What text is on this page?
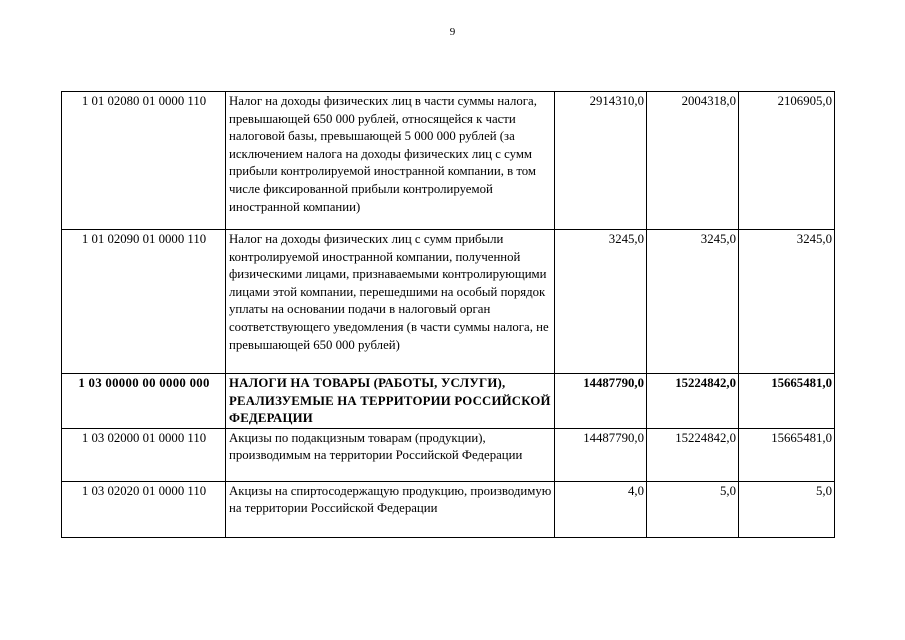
9
1 01 02080 01 0000 110	Налог на доходы физических лиц в части суммы налога, превышающей 650 000 рублей, относящейся к части налоговой базы, превышающей 5 000 000 рублей (за исключением налога на доходы физических лиц с сумм прибыли контролируемой иностранной компании, в том числе фиксированной прибыли контролируемой иностранной компании)	2914310,0	2004318,0	2106905,0
1 01 02090 01 0000 110	Налог на доходы физических лиц с сумм прибыли контролируемой иностранной компании, полученной физическими лицами, признаваемыми контролирующими лицами этой компании, перешедшими на особый порядок уплаты на основании подачи в налоговый орган соответствующего уведомления (в части суммы налога, не превышающей 650 000 рублей)	3245,0	3245,0	3245,0
1 03 00000 00 0000 000	НАЛОГИ НА ТОВАРЫ (РАБОТЫ, УСЛУГИ), РЕАЛИЗУЕМЫЕ НА ТЕРРИТОРИИ РОССИЙСКОЙ ФЕДЕРАЦИИ	14487790,0	15224842,0	15665481,0
1 03 02000 01 0000 110	Акцизы по подакцизным товарам (продукции), производимым на территории Российской Федерации	14487790,0	15224842,0	15665481,0
1 03 02020 01 0000 110	Акцизы на спиртосодержащую продукцию, производимую на территории Российской Федерации	4,0	5,0	5,0
